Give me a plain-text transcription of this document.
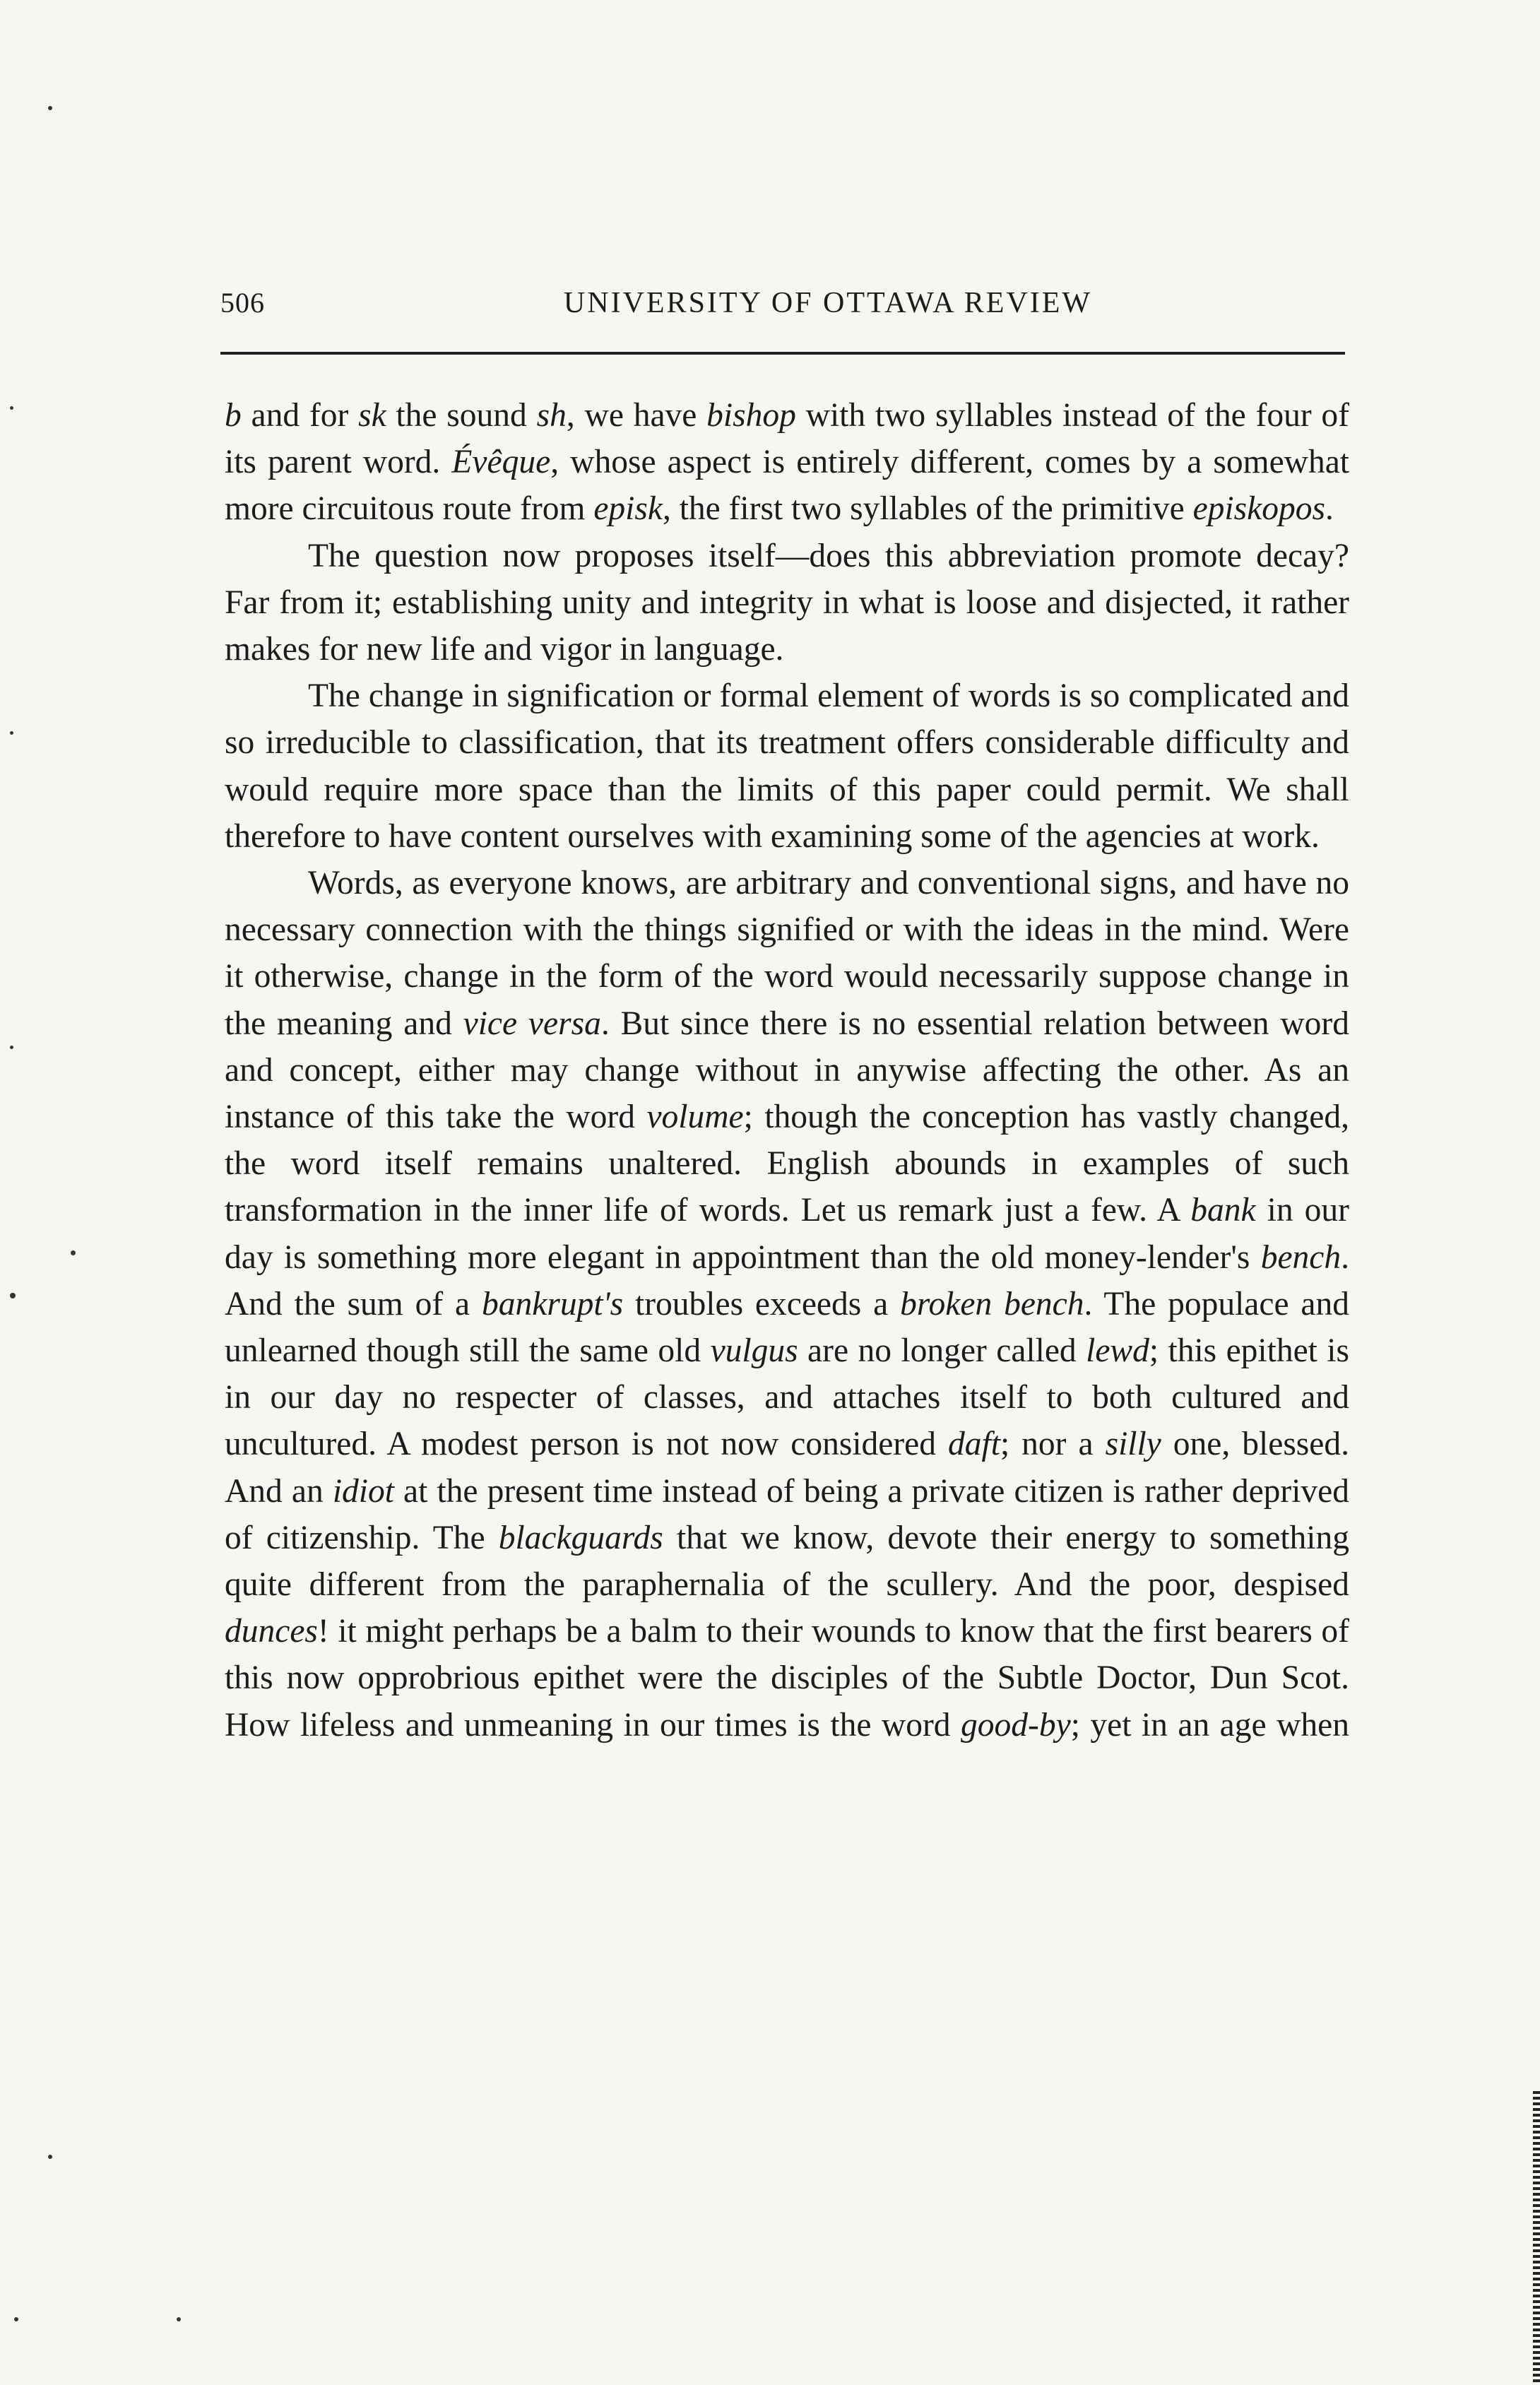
506	UNIVERSITY OF OTTAWA REVIEW

b and for sk the sound sh, we have bishop with two syllables instead of the four of its parent word. Évêque, whose aspect is entirely different, comes by a somewhat more circuitous route from episk, the first two syllables of the primitive episkopos.

The question now proposes itself—does this abbreviation promote decay? Far from it; establishing unity and integrity in what is loose and disjected, it rather makes for new life and vigor in language.

The change in signification or formal element of words is so complicated and so irreducible to classification, that its treatment offers considerable difficulty and would require more space than the limits of this paper could permit. We shall therefore to have content ourselves with examining some of the agencies at work.

Words, as everyone knows, are arbitrary and conventional signs, and have no necessary connection with the things signified or with the ideas in the mind. Were it otherwise, change in the form of the word would necessarily suppose change in the meaning and vice versa. But since there is no essential relation between word and concept, either may change without in anywise affecting the other. As an instance of this take the word volume; though the conception has vastly changed, the word itself remains unaltered. English abounds in examples of such transformation in the inner life of words. Let us remark just a few. A bank in our day is something more elegant in appointment than the old money-lender's bench. And the sum of a bankrupt's troubles exceeds a broken bench. The populace and unlearned though still the same old vulgus are no longer called lewd; this epithet is in our day no respecter of classes, and attaches itself to both cultured and uncultured. A modest person is not now considered daft; nor a silly one, blessed. And an idiot at the present time instead of being a private citizen is rather deprived of citizenship. The blackguards that we know, devote their energy to something quite different from the paraphernalia of the scullery. And the poor, despised dunces! it might perhaps be a balm to their wounds to know that the first bearers of this now opprobrious epithet were the disciples of the Subtle Doctor, Dun Scot. How lifeless and unmeaning in our times is the word good-by; yet in an age when
